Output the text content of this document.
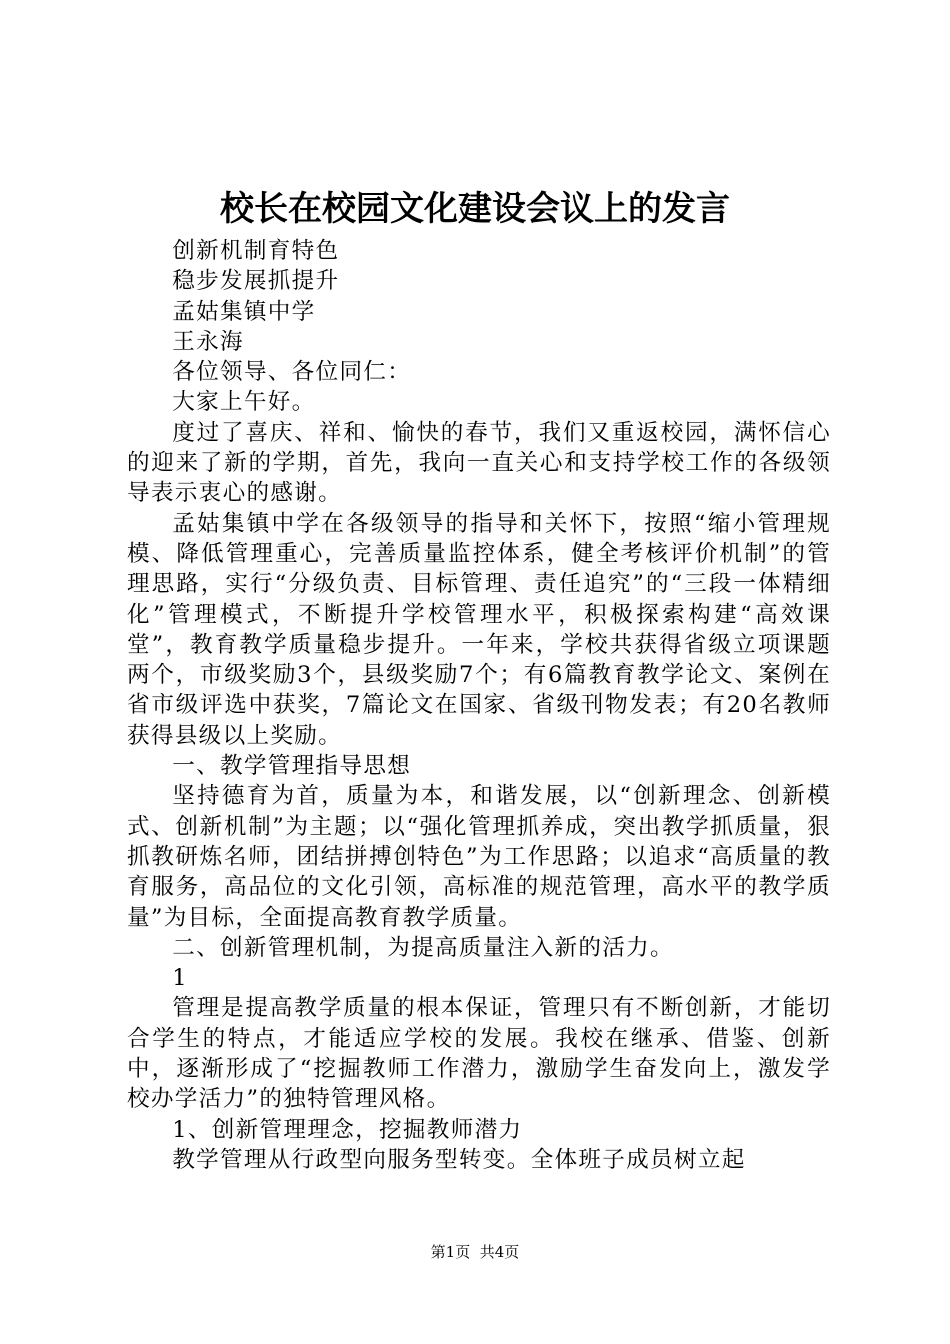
校长在校园文化建设会议上的发言

创新机制育特色

稳步发展抓提升

孟姑集镇中学

王永海

各位领导、各位同仁：

大家上午好。

度过了喜庆、祥和、愉快的春节，我们又重返校园，满怀信心的迎来了新的学期，首先，我向一直关心和支持学校工作的各级领导表示衷心的感谢。

孟姑集镇中学在各级领导的指导和关怀下，按照“缩小管理规模、降低管理重心，完善质量监控体系，健全考核评价机制”的管理思路，实行“分级负责、目标管理、责任追究”的“三段一体精细化”管理模式，不断提升学校管理水平，积极探索构建“高效课堂”，教育教学质量稳步提升。一年来，学校共获得省级立项课题两个，市级奖励3个，县级奖励7个；有6篇教育教学论文、案例在省市级评选中获奖，7篇论文在国家、省级刊物发表；有20名教师获得县级以上奖励。

一、教学管理指导思想

坚持德育为首，质量为本，和谐发展，以“创新理念、创新模式、创新机制”为主题；以“强化管理抓养成，突出教学抓质量，狠抓教研炼名师，团结拼搏创特色”为工作思路；以追求“高质量的教育服务，高品位的文化引领，高标准的规范管理，高水平的教学质量”为目标，全面提高教育教学质量。

二、创新管理机制，为提高质量注入新的活力。

1

管理是提高教学质量的根本保证，管理只有不断创新，才能切合学生的特点，才能适应学校的发展。我校在继承、借鉴、创新中，逐渐形成了“挖掘教师工作潜力，激励学生奋发向上，激发学校办学活力”的独特管理风格。

1、创新管理理念，挖掘教师潜力

教学管理从行政型向服务型转变。全体班子成员树立起

第1页 共4页
